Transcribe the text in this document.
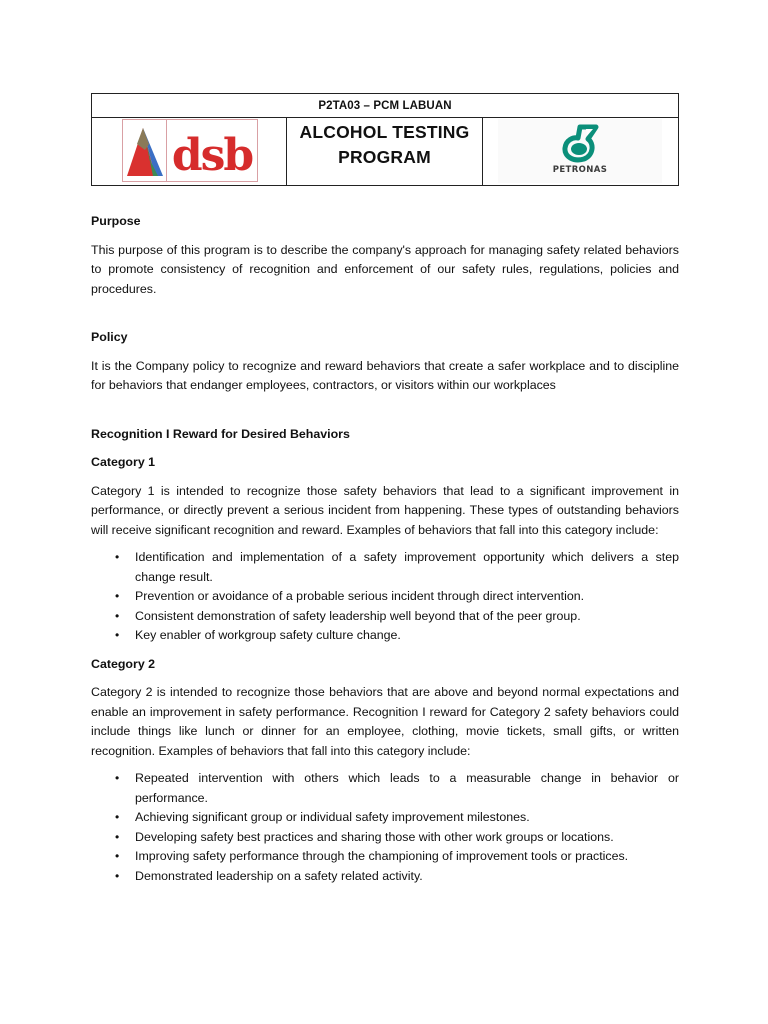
P2TA03 – PCM LABUAN
dsb	ALCOHOL TESTING
PROGRAM
PETRONAS
Purpose

This purpose of this program is to describe the company's approach for managing safety related behaviors to promote consistency of recognition and enforcement of our safety rules, regulations, policies and procedures.

Policy

It is the Company policy to recognize and reward behaviors that create a safer workplace and to discipline for behaviors that endanger employees, contractors, or visitors within our workplaces

Recognition I Reward for Desired Behaviors
Category 1

Category 1 is intended to recognize those safety behaviors that lead to a significant improvement in performance, or directly prevent a serious incident from happening. These types of outstanding behaviors will receive significant recognition and reward. Examples of behaviors that fall into this category include:

• Identification and implementation of a safety improvement opportunity which delivers a step change result.
• Prevention or avoidance of a probable serious incident through direct intervention.
• Consistent demonstration of safety leadership well beyond that of the peer group.
• Key enabler of workgroup safety culture change.
Category 2

Category 2 is intended to recognize those behaviors that are above and beyond normal expectations and enable an improvement in safety performance. Recognition I reward for Category 2 safety behaviors could include things like lunch or dinner for an employee, clothing, movie tickets, small gifts, or written recognition. Examples of behaviors that fall into this category include:

• Repeated intervention with others which leads to a measurable change in behavior or performance.
• Achieving significant group or individual safety improvement milestones.
• Developing safety best practices and sharing those with other work groups or locations.
• Improving safety performance through the championing of improvement tools or practices.
• Demonstrated leadership on a safety related activity.
